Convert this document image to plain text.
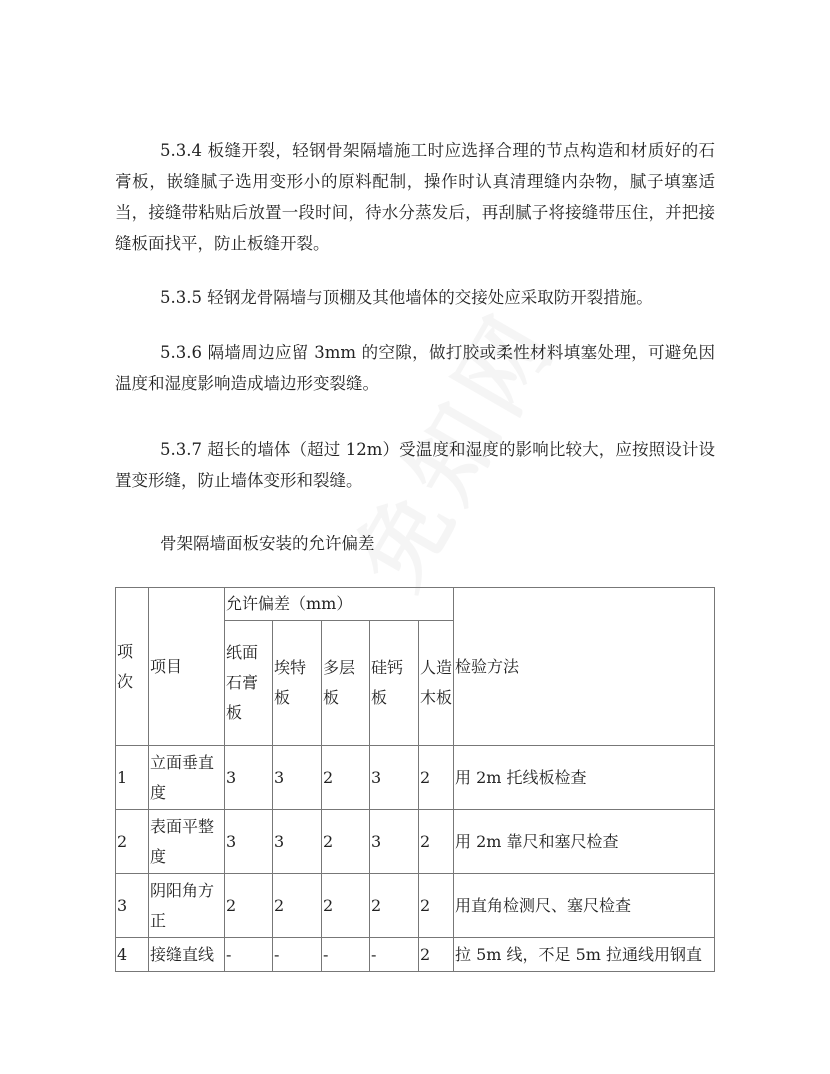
5.3.4 板缝开裂，轻钢骨架隔墙施工时应选择合理的节点构造和材质好的石膏板，嵌缝腻子选用变形小的原料配制，操作时认真清理缝内杂物，腻子填塞适当，接缝带粘贴后放置一段时间，待水分蒸发后，再刮腻子将接缝带压住，并把接缝板面找平，防止板缝开裂。
5.3.5 轻钢龙骨隔墙与顶棚及其他墙体的交接处应采取防开裂措施。
5.3.6 隔墙周边应留 3mm 的空隙，做打胶或柔性材料填塞处理，可避免因温度和湿度影响造成墙边形变裂缝。
5.3.7 超长的墙体（超过 12m）受温度和湿度的影响比较大，应按照设计设置变形缝，防止墙体变形和裂缝。
骨架隔墙面板安装的允许偏差
项次	项目	允许偏差（mm）					检验方法
		纸面石膏板	埃特板	多层板	硅钙板	人造木板	
1	立面垂直度	3	3	2	3	2	用 2m 托线板检查
2	表面平整度	3	3	2	3	2	用 2m 靠尺和塞尺检查
3	阴阳角方正	2	2	2	2	2	用直角检测尺、塞尺检查
4	接缝直线	-	-	-	-	2	拉 5m 线，不足 5m 拉通线用钢直
